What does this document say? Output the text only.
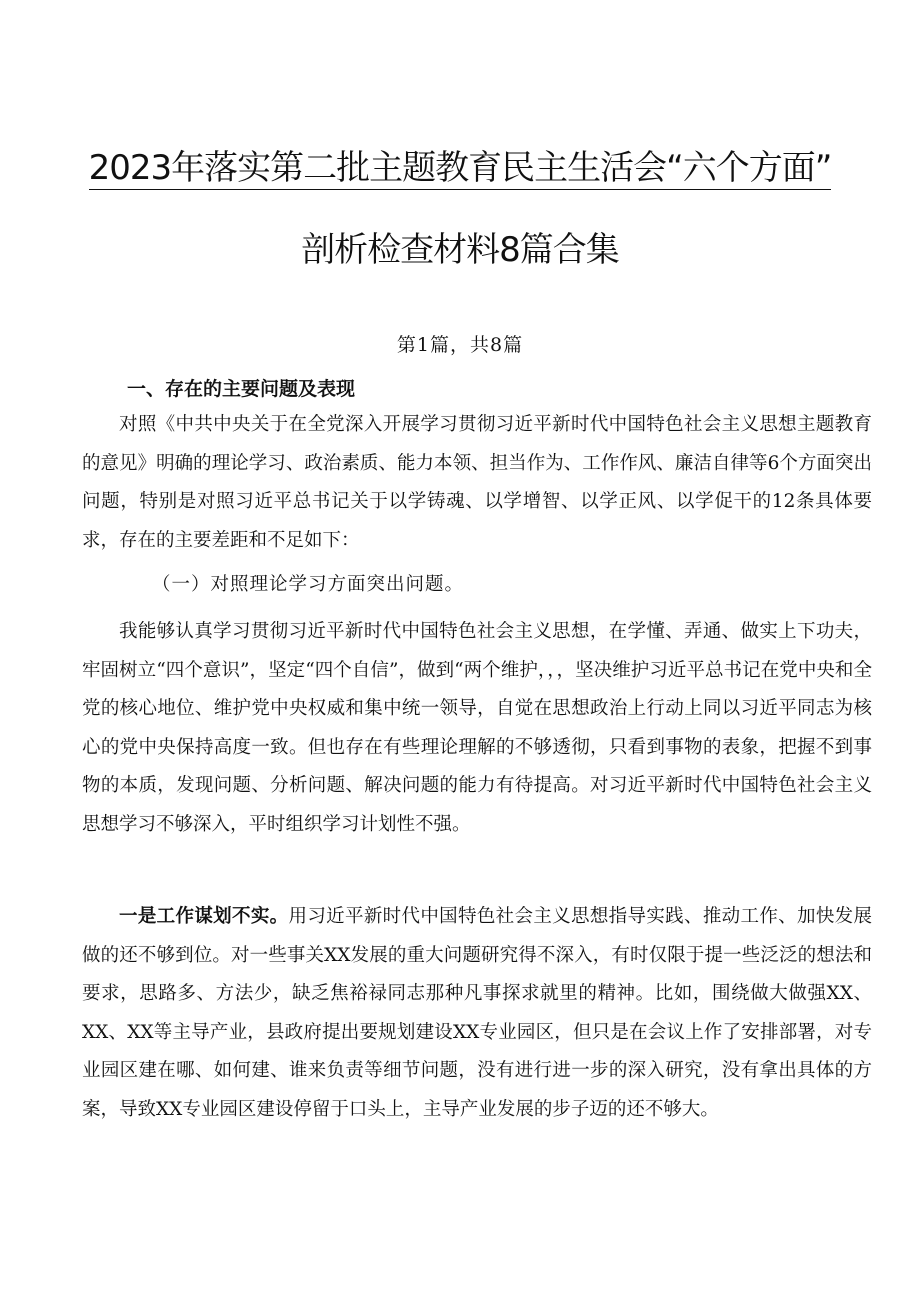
2023年落实第二批主题教育民主生活会“六个方面”
剖析检查材料8篇合集
第1篇，共8篇
一、存在的主要问题及表现

对照《中共中央关于在全党深入开展学习贯彻习近平新时代中国特色社会主义思想主题教育的意见》明确的理论学习、政治素质、能力本领、担当作为、工作作风、廉洁自律等6个方面突出问题，特别是对照习近平总书记关于以学铸魂、以学增智、以学正风、以学促干的12条具体要求，存在的主要差距和不足如下：

（一）对照理论学习方面突出问题。

我能够认真学习贯彻习近平新时代中国特色社会主义思想，在学懂、弄通、做实上下功夫，牢固树立“四个意识”，坚定“四个自信”，做到“两个维护，，，坚决维护习近平总书记在党中央和全党的核心地位、维护党中央权威和集中统一领导，自觉在思想政治上行动上同以习近平同志为核心的党中央保持高度一致。但也存在有些理论理解的不够透彻，只看到事物的表象，把握不到事物的本质，发现问题、分析问题、解决问题的能力有待提高。对习近平新时代中国特色社会主义思想学习不够深入，平时组织学习计划性不强。

一是工作谋划不实。用习近平新时代中国特色社会主义思想指导实践、推动工作、加快发展做的还不够到位。对一些事关XX发展的重大问题研究得不深入，有时仅限于提一些泛泛的想法和要求，思路多、方法少，缺乏焦裕禄同志那种凡事探求就里的精神。比如，围绕做大做强XX、XX、XX等主导产业，县政府提出要规划建设XX专业园区，但只是在会议上作了安排部署，对专业园区建在哪、如何建、谁来负责等细节问题，没有进行进一步的深入研究，没有拿出具体的方案，导致XX专业园区建设停留于口头上，主导产业发展的步子迈的还不够大。
